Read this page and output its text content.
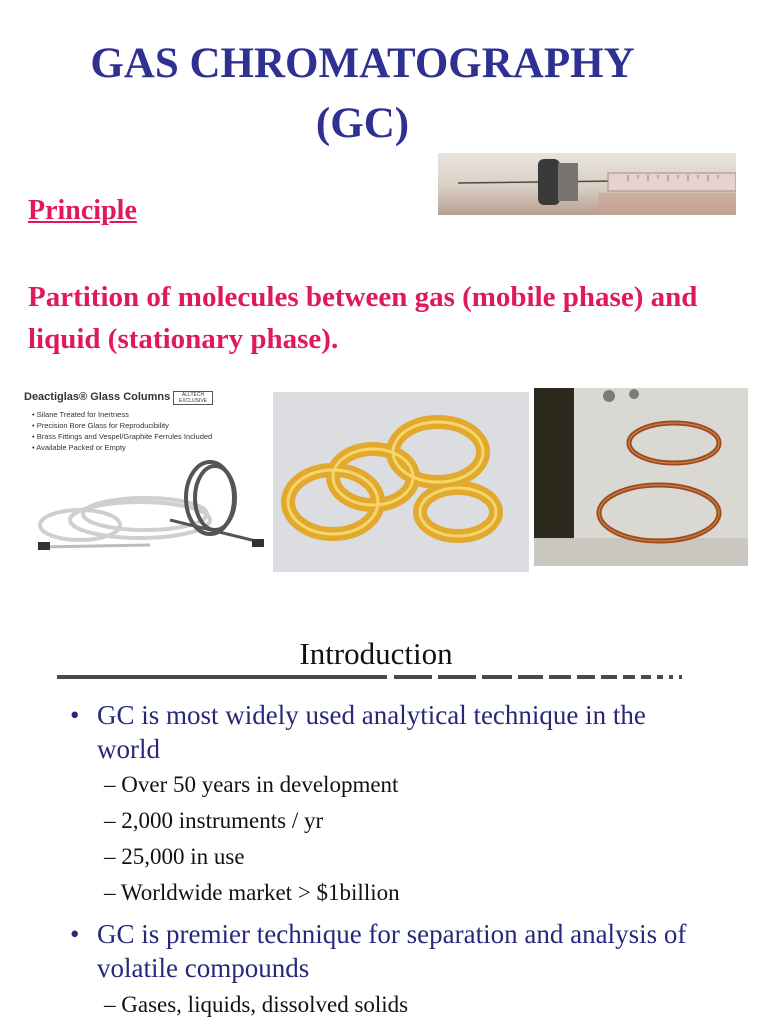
GAS CHROMATOGRAPHY
(GC)
Principle
Partition of molecules between gas (mobile phase) and liquid (stationary phase).
Deactiglas® Glass Columns	ALLTECH EXCLUSIVE
• Silane Treated for Inertness
• Precision Bore Glass for Reproducibility
• Brass Fittings and Vespel/Graphite Ferrules Included
• Available Packed or Empty
Introduction
• GC is most widely used analytical technique in the world
– Over 50 years in development
– 2,000 instruments / yr
– 25,000 in use
– Worldwide market > $1billion
• GC is premier technique for separation and analysis of volatile compounds
– Gases, liquids, dissolved solids
